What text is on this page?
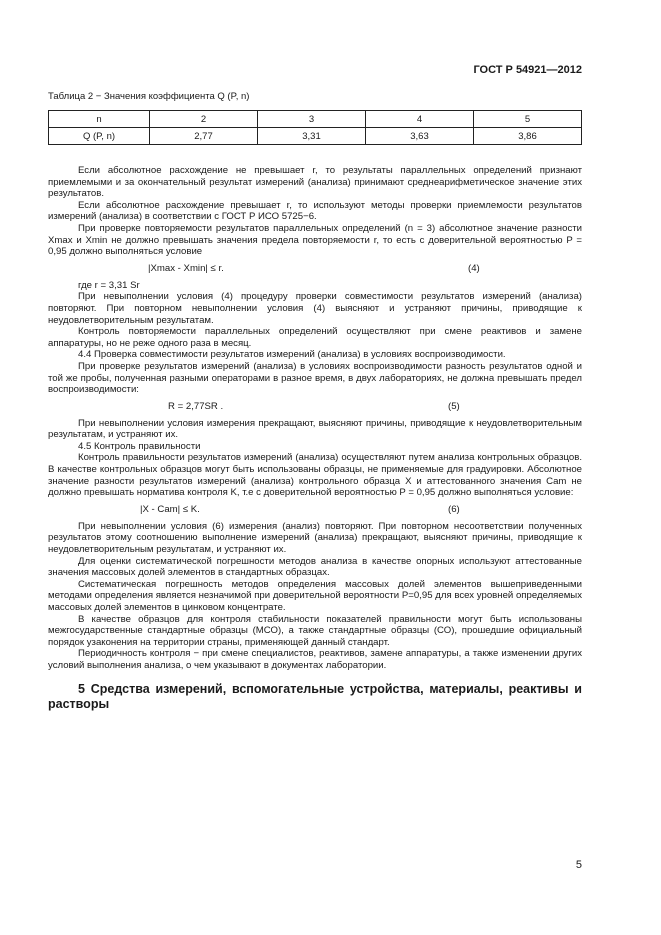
ГОСТ Р 54921—2012
Таблица 2 − Значения коэффициента Q (P, n)
n	2	3	4	5
Q (P, n)	2,77	3,31	3,63	3,86

Если абсолютное расхождение не превышает r, то результаты параллельных определений признают приемлемыми и за окончательный результат измерений (анализа) принимают среднеарифметическое значение этих результатов.

Если абсолютное расхождение превышает r, то используют методы проверки приемлемости результатов измерений (анализа) в соответствии с ГОСТ Р ИСО 5725−6.

При проверке повторяемости результатов параллельных определений (n = 3) абсолютное значение разности Xmax и Xmin не должно превышать значения предела повторяемости r, то есть с доверительной вероятностью P = 0,95 должно выполняться условие

|Xmax - Xmin| ≤ r.	(4)

где r = 3,31 Sr

При невыполнении условия (4) процедуру проверки совместимости результатов измерений (анализа) повторяют. При повторном невыполнении условия (4) выясняют и устраняют причины, приводящие к неудовлетворительным результатам.

Контроль повторяемости параллельных определений осуществляют при смене реактивов и замене аппаратуры, но не реже одного раза в месяц.

4.4 Проверка совместимости результатов измерений (анализа) в условиях воспроизводимости.

При проверке результатов измерений (анализа) в условиях воспроизводимости разность результатов одной и той же пробы, полученная разными операторами в разное время, в двух лабораториях, не должна превышать предел воспроизводимости:

R = 2,77SR .	(5)

При невыполнении условия измерения прекращают, выясняют причины, приводящие к неудовлетворительным результатам, и устраняют их.

4.5 Контроль правильности

Контроль правильности результатов измерений (анализа) осуществляют путем анализа контрольных образцов. В качестве контрольных образцов могут быть использованы образцы, не применяемые для градуировки. Абсолютное значение разности результатов измерений (анализа) контрольного образца X и аттестованного значения Cam не должно превышать норматива контроля K, т.е с доверительной вероятностью P = 0,95 должно выполняться условие:

|X - Cam| ≤ K.	(6)

При невыполнении условия (6) измерения (анализ) повторяют. При повторном несоответствии полученных результатов этому соотношению выполнение измерений (анализа) прекращают, выясняют причины, приводящие к неудовлетворительным результатам, и устраняют их.

Для оценки систематической погрешности методов анализа в качестве опорных используют аттестованные значения массовых долей элементов в стандартных образцах.

Систематическая погрешность методов определения массовых долей элементов вышеприведенными методами определения является незначимой при доверительной вероятности P=0,95 для всех уровней определяемых массовых долей элементов в цинковом концентрате.

В качестве образцов для контроля стабильности показателей правильности могут быть использованы межгосударственные стандартные образцы (МСО), а также стандартные образцы (СО), прошедшие официальный порядок узаконения на территории страны, применяющей данный стандарт.

Периодичность контроля − при смене специалистов, реактивов, замене аппаратуры, а также изменении других условий выполнения анализа, о чем указывают в документах лаборатории.

5 Средства измерений, вспомогательные устройства, материалы, реактивы и растворы
5
